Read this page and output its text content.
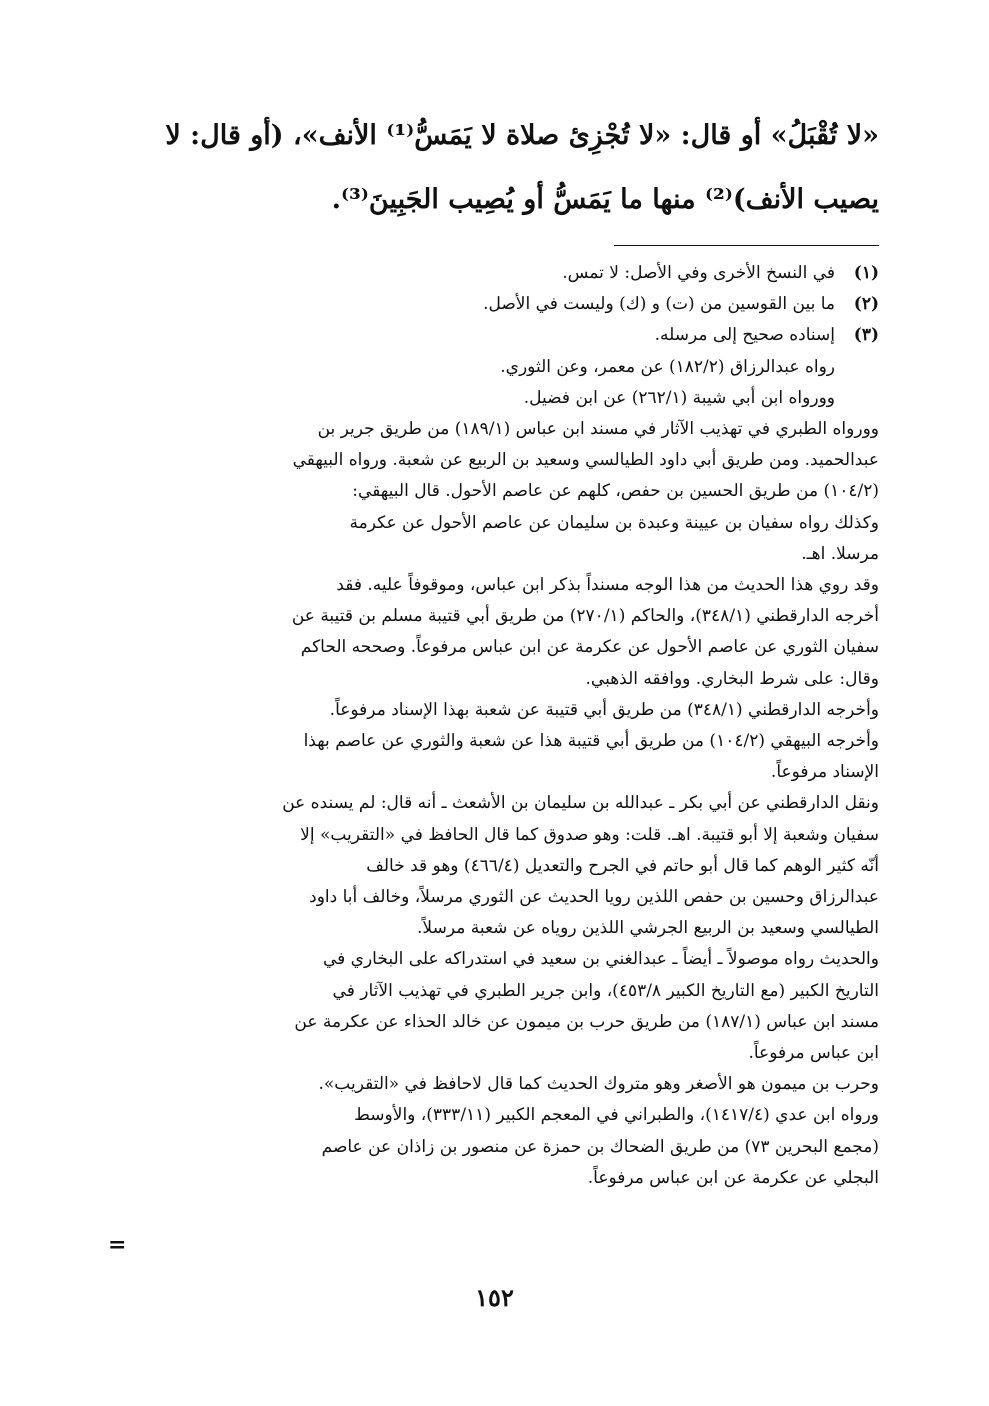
«لا تُقْبَلُ» أو قال: «لا تُجْزِئ صلاة لا يَمَسُّ⁽¹⁾ الأنف»، (أو قال: لا

يصيب الأنف)⁽²⁾ منها ما يَمَسُّ أو يُصِيب الجَبِينَ⁽³⁾.

(١)
في النسخ الأخرى وفي الأصل: لا تمس.
(٢)
ما بين القوسين من (ت) و (ك) وليست في الأصل.
(٣)
إسناده صحيح إلى مرسله.
رواه عبدالرزاق (١٨٢/٢) عن معمر، وعن الثوري.
وورواه ابن أبي شيبة (٢٦٢/١) عن ابن فضيل.
وورواه الطبري في تهذيب الآثار في مسند ابن عباس (١٨٩/١) من طريق جرير بن
عبدالحميد. ومن طريق أبي داود الطيالسي وسعيد بن الربيع عن شعبة. ورواه البيهقي
(١٠٤/٢) من طريق الحسين بن حفص، كلهم عن عاصم الأحول. قال البيهقي:
وكذلك رواه سفيان بن عيينة وعبدة بن سليمان عن عاصم الأحول عن عكرمة
مرسلا. اهـ.
وقد روي هذا الحديث من هذا الوجه مسنداً بذكر ابن عباس، وموقوفاً عليه. فقد
أخرجه الدارقطني (٣٤٨/١)، والحاكم (٢٧٠/١) من طريق أبي قتيبة مسلم بن قتيبة عن
سفيان الثوري عن عاصم الأحول عن عكرمة عن ابن عباس مرفوعاً. وصححه الحاكم
وقال: على شرط البخاري. ووافقه الذهبي.
وأخرجه الدارقطني (٣٤٨/١) من طريق أبي قتيبة عن شعبة بهذا الإسناد مرفوعاً.
وأخرجه البيهقي (١٠٤/٢) من طريق أبي قتيبة هذا عن شعبة والثوري عن عاصم بهذا
الإسناد مرفوعاً.
ونقل الدارقطني عن أبي بكر ـ عبدالله بن سليمان بن الأشعث ـ أنه قال: لم يسنده عن
سفيان وشعبة إلا أبو قتيبة. اهـ. قلت: وهو صدوق كما قال الحافظ في «التقريب» إلا
أنّه كثير الوهم كما قال أبو حاتم في الجرح والتعديل (٤٦٦/٤) وهو قد خالف
عبدالرزاق وحسين بن حفص اللذين رويا الحديث عن الثوري مرسلاً، وخالف أبا داود
الطيالسي وسعيد بن الربيع الجرشي اللذين روياه عن شعبة مرسلاً.
والحديث رواه موصولاً ـ أيضاً ـ عبدالغني بن سعيد في استدراكه على البخاري في
التاريخ الكبير (مع التاريخ الكبير ٤٥٣/٨)، وابن جرير الطبري في تهذيب الآثار في
مسند ابن عباس (١٨٧/١) من طريق حرب بن ميمون عن خالد الحذاء عن عكرمة عن
ابن عباس مرفوعاً.
وحرب بن ميمون هو الأصغر وهو متروك الحديث كما قال لاحافظ في «التقريب».
ورواه ابن عدي (١٤١٧/٤)، والطبراني في المعجم الكبير (٣٣٣/١١)، والأوسط
(مجمع البحرين ٧٣) من طريق الضحاك بن حمزة عن منصور بن زاذان عن عاصم
البجلي عن عكرمة عن ابن عباس مرفوعاً.
=
١٥٢
